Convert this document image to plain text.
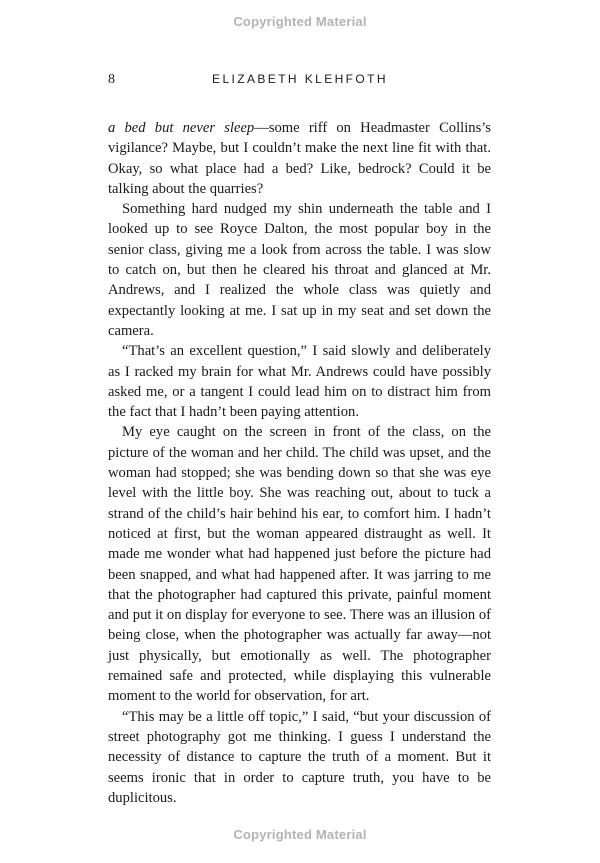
Copyrighted Material
8	ELIZABETH KLEHFOTH

a bed but never sleep—some riff on Headmaster Collins’s vigilance? Maybe, but I couldn’t make the next line fit with that. Okay, so what place had a bed? Like, bedrock? Could it be talking about the quarries?

Something hard nudged my shin underneath the table and I looked up to see Royce Dalton, the most popular boy in the senior class, giving me a look from across the table. I was slow to catch on, but then he cleared his throat and glanced at Mr. Andrews, and I realized the whole class was quietly and expectantly looking at me. I sat up in my seat and set down the camera.

“That’s an excellent question,” I said slowly and deliberately as I racked my brain for what Mr. Andrews could have possibly asked me, or a tangent I could lead him on to distract him from the fact that I hadn’t been paying attention.

My eye caught on the screen in front of the class, on the picture of the woman and her child. The child was upset, and the woman had stopped; she was bending down so that she was eye level with the little boy. She was reaching out, about to tuck a strand of the child’s hair behind his ear, to comfort him. I hadn’t noticed at first, but the woman appeared distraught as well. It made me wonder what had happened just before the picture had been snapped, and what had happened after. It was jarring to me that the photographer had captured this private, painful moment and put it on display for everyone to see. There was an illusion of being close, when the photographer was actually far away—not just physically, but emotionally as well. The photographer remained safe and protected, while displaying this vulnerable moment to the world for observation, for art.

“This may be a little off topic,” I said, “but your discussion of street photography got me thinking. I guess I understand the necessity of distance to capture the truth of a moment. But it seems ironic that in order to capture truth, you have to be duplicitous.

Copyrighted Material
